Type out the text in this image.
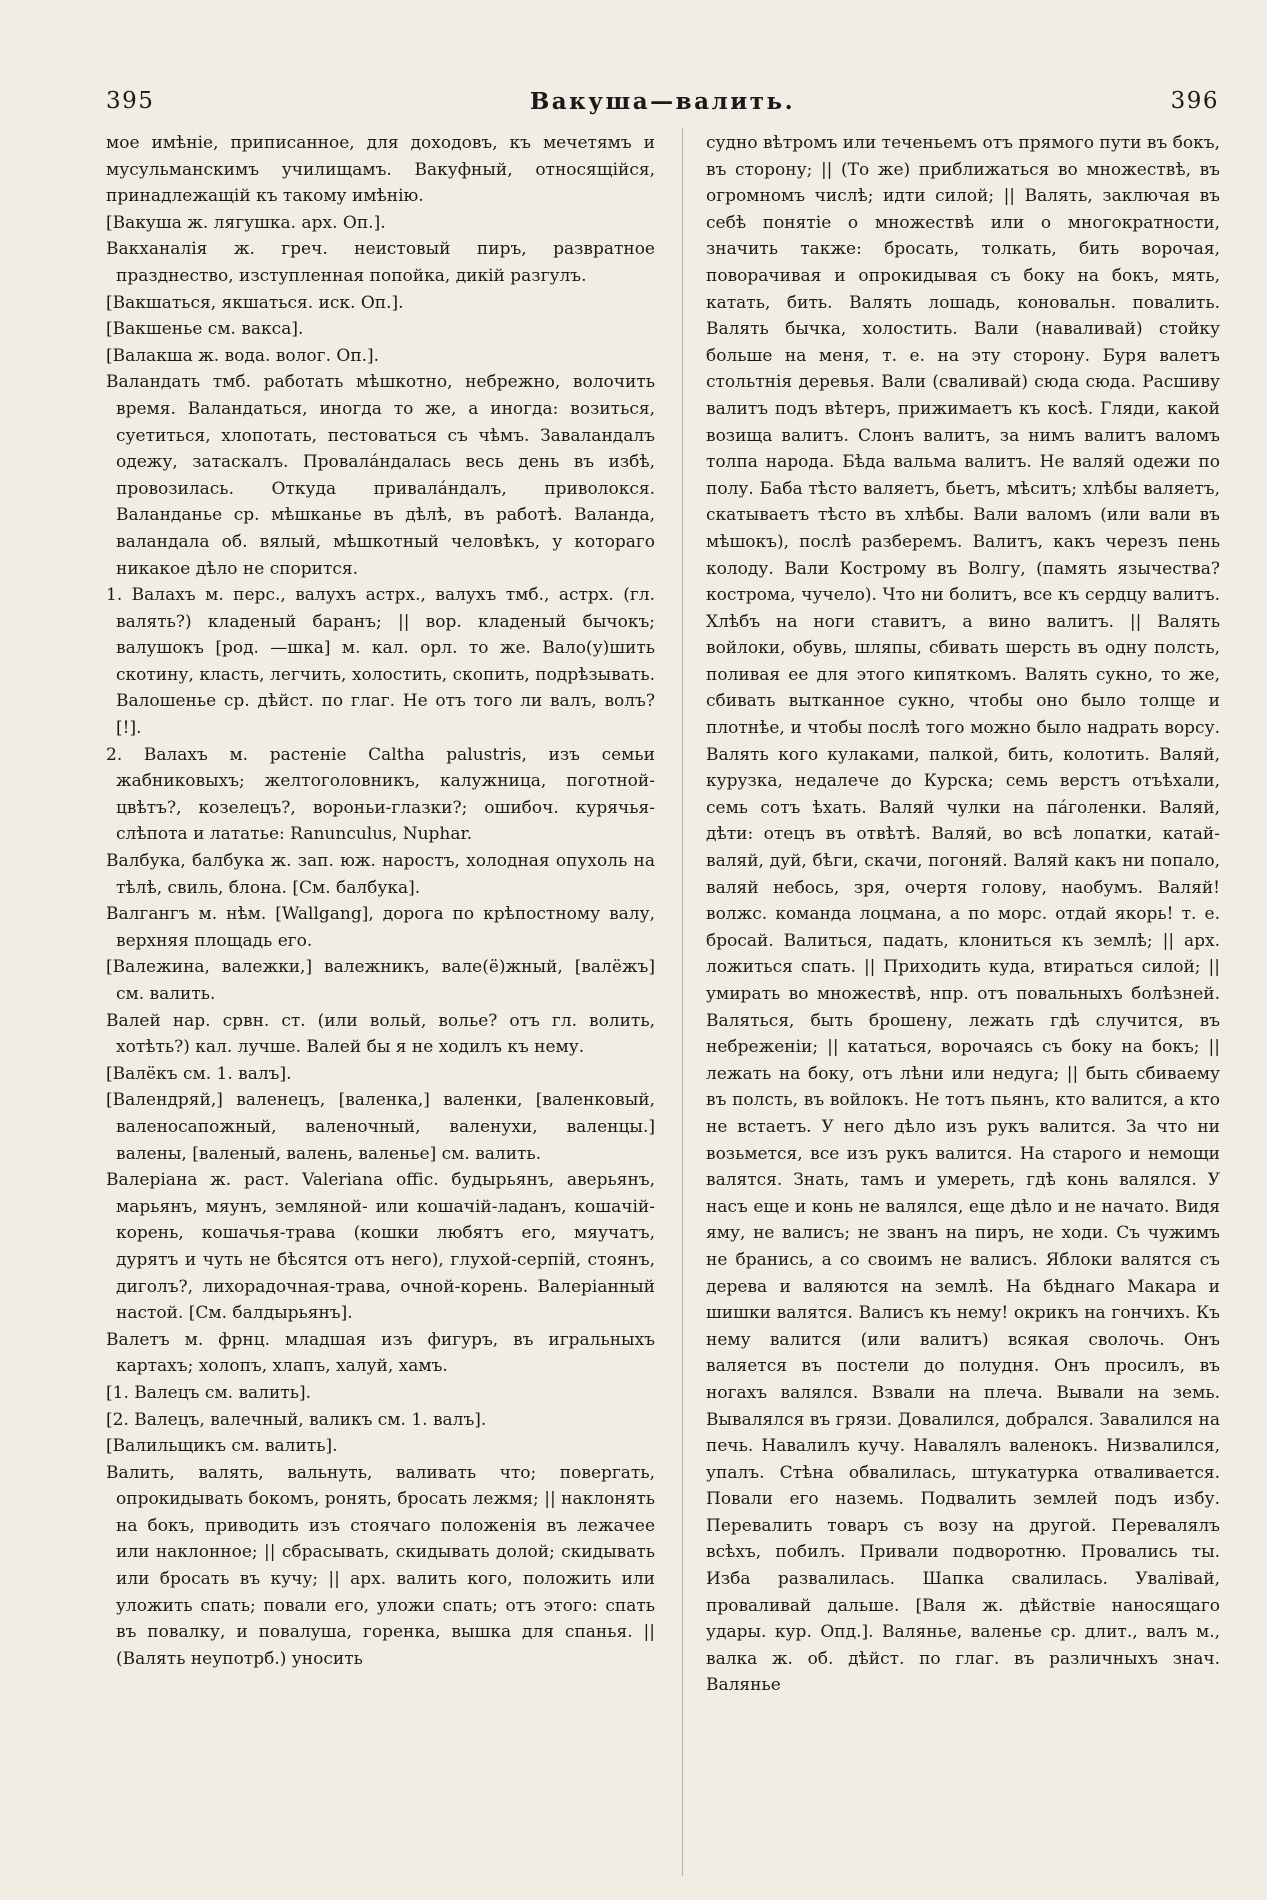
395	Вакуша—валить.	396

мое имѣнiе, приписанное, для доходовъ, къ мечетямъ и мусульманскимъ училищамъ. Вакуфный, относящiйся, принадлежащiй къ такому имѣнiю.

[Вакуша ж. лягушка. арх. Оп.].

Вакханалiя ж. греч. неистовый пиръ, развратное празднество, изступленная попойка, дикiй разгулъ.

[Вакшаться, якшаться. иск. Оп.].

[Вакшенье см. вакса].

[Валакша ж. вода. волог. Оп.].

Валандать тмб. работать мѣшкотно, небрежно, волочить время. Валандаться, иногда то же, а иногда: возиться, суетиться, хлопотать, пестоваться съ чѣмъ. Заваландалъ одежу, затаскалъ. Провалáндалась весь день въ избѣ, провозилась. Откуда привалáндалъ, приволокся. Валанданье ср. мѣшканье въ дѣлѣ, въ работѣ. Валанда, валандала об. вялый, мѣшкотный человѣкъ, у котораго никакое дѣло не спорится.

1. Валахъ м. перс., валухъ астрх., валухъ тмб., астрх. (гл. валять?) кладеный баранъ; || вор. кладеный бычокъ; валушокъ [род. —шка] м. кал. орл. то же. Вало(у)шить скотину, класть, легчить, холостить, скопить, подрѣзывать. Валошенье ср. дѣйст. по глаг. Не отъ того ли валъ, волъ? [!].

2. Валахъ м. растенiе Caltha palustris, изъ семьи жабниковыхъ; желтоголовникъ, калужница, поготной-цвѣтъ?, козелецъ?, вороньи-глазки?; ошибоч. курячья-слѣпота и лататье: Ranunculus, Nuphar.

Валбука, балбука ж. зап. юж. наростъ, холодная опухоль на тѣлѣ, свиль, блона. [См. балбука].

Валгангъ м. нѣм. [Wallgang], дорога по крѣпостному валу, верхняя площадь его.

[Валежина, валежки,] валежникъ, вале(ё)жный, [валёжъ] см. валить.

Валей нар. срвн. ст. (или вольй, волье? отъ гл. волить, хотѣть?) кал. лучше. Валей бы я не ходилъ къ нему.

[Валёкъ см. 1. валъ].

[Валендряй,] валенецъ, [валенка,] валенки, [валенковый, валеносапожный, валеночный, валенухи, валенцы.] валены, [валеный, валень, валенье] см. валить.

Валерiана ж. раст. Valeriana offic. будырьянъ, аверьянъ, марьянъ, мяунъ, земляной- или кошачiй-ладанъ, кошачiй-корень, кошачья-трава (кошки любятъ его, мяучатъ, дурятъ и чуть не бѣсятся отъ него), глухой-серпiй, стоянъ, диголъ?, лихорадочная-трава, очной-корень. Валерiанный настой. [См. балдырьянъ].

Валетъ м. фрнц. младшая изъ фигуръ, въ игральныхъ картахъ; холопъ, хлапъ, халуй, хамъ.

[1. Валецъ см. валить].

[2. Валецъ, валечный, валикъ см. 1. валъ].

[Валильщикъ см. валить].

Валить, валять, вальнуть, валивать что; повергать, опрокидывать бокомъ, ронять, бросать лежмя; || наклонять на бокъ, приводить изъ стоячаго положенiя въ лежачее или наклонное; || сбрасывать, скидывать долой; скидывать или бросать въ кучу; || арх. валить кого, положить или уложить спать; повали его, уложи спать; отъ этого: спать въ повалку, и повалуша, горенка, вышка для спанья. || (Валять неупотрб.) уносить

судно вѣтромъ или теченьемъ отъ прямого пути въ бокъ, въ сторону; || (То же) приближаться во множествѣ, въ огромномъ числѣ; идти силой; || Валять, заключая въ себѣ понятiе о множествѣ или о многократности, значить также: бросать, толкать, бить ворочая, поворачивая и опрокидывая съ боку на бокъ, мять, катать, бить. Валять лошадь, коновальн. повалить. Валять бычка, холостить. Вали (наваливай) стойку больше на меня, т. е. на эту сторону. Буря валетъ стольтнiя деревья. Вали (сваливай) сюда сюда. Расшиву валитъ подъ вѣтеръ, прижимаетъ къ косѣ. Гляди, какой возища валитъ. Слонъ валитъ, за нимъ валитъ валомъ толпа народа. Бѣда вальма валитъ. Не валяй одежи по полу. Баба тѣсто валяетъ, бьетъ, мѣситъ; хлѣбы валяетъ, скатываетъ тѣсто въ хлѣбы. Вали валомъ (или вали въ мѣшокъ), послѣ разберемъ. Валитъ, какъ черезъ пень колоду. Вали Кострому въ Волгу, (память язычества? кострома, чучело). Что ни болитъ, все къ сердцу валитъ. Хлѣбъ на ноги ставитъ, а вино валитъ. || Валять войлоки, обувь, шляпы, сбивать шерсть въ одну полсть, поливая ее для этого кипяткомъ. Валять сукно, то же, сбивать вытканное сукно, чтобы оно было толще и плотнѣе, и чтобы послѣ того можно было надрать ворсу. Валять кого кулаками, палкой, бить, колотить. Валяй, курузка, недалече до Курска; семь верстъ отъѣхали, семь сотъ ѣхать. Валяй чулки на пáголенки. Валяй, дѣти: отецъ въ отвѣтѣ. Валяй, во всѣ лопатки, катай-валяй, дуй, бѣги, скачи, погоняй. Валяй какъ ни попало, валяй небось, зря, очертя голову, наобумъ. Валяй! волжс. команда лоцмана, а по морс. отдай якорь! т. е. бросай. Валиться, падать, клониться къ землѣ; || арх. ложиться спать. || Приходить куда, втираться силой; || умирать во множествѣ, нпр. отъ повальныхъ болѣзней. Валяться, быть брошену, лежать гдѣ случится, въ небреженiи; || кататься, ворочаясь съ боку на бокъ; || лежать на боку, отъ лѣни или недуга; || быть сбиваему въ полсть, въ войлокъ. Не тотъ пьянъ, кто валится, а кто не встаетъ. У него дѣло изъ рукъ валится. За что ни возьмется, все изъ рукъ валится. На старого и немощи валятся. Знать, тамъ и умереть, гдѣ конь валялся. У насъ еще и конь не валялся, еще дѣло и не начато. Видя яму, не валисъ; не званъ на пиръ, не ходи. Съ чужимъ не бранись, а со своимъ не валисъ. Яблоки валятся съ дерева и валяются на землѣ. На бѣднаго Макара и шишки валятся. Валисъ къ нему! окрикъ на гончихъ. Къ нему валится (или валитъ) всякая сволочь. Онъ валяется въ постели до полудня. Онъ просилъ, въ ногахъ валялся. Взвали на плеча. Вывали на земь. Вывалялся въ грязи. Довалился, добрался. Завалился на печь. Навалилъ кучу. Навалялъ валенокъ. Низвалился, упалъ. Стѣна обвалилась, штукатурка отваливается. Повали его наземь. Подвалить землей подъ избу. Перевалить товаръ съ возу на другой. Перевалялъ всѣхъ, побилъ. Привали подворотню. Провались ты. Изба развалилась. Шапка свалилась. Увалiвай, проваливай дальше. [Валя ж. дѣйствiе наносящаго удары. кур. Опд.]. Валянье, валенье ср. длит., валъ м., валка ж. об. дѣйст. по глаг. въ различныхъ знач. Валянье
